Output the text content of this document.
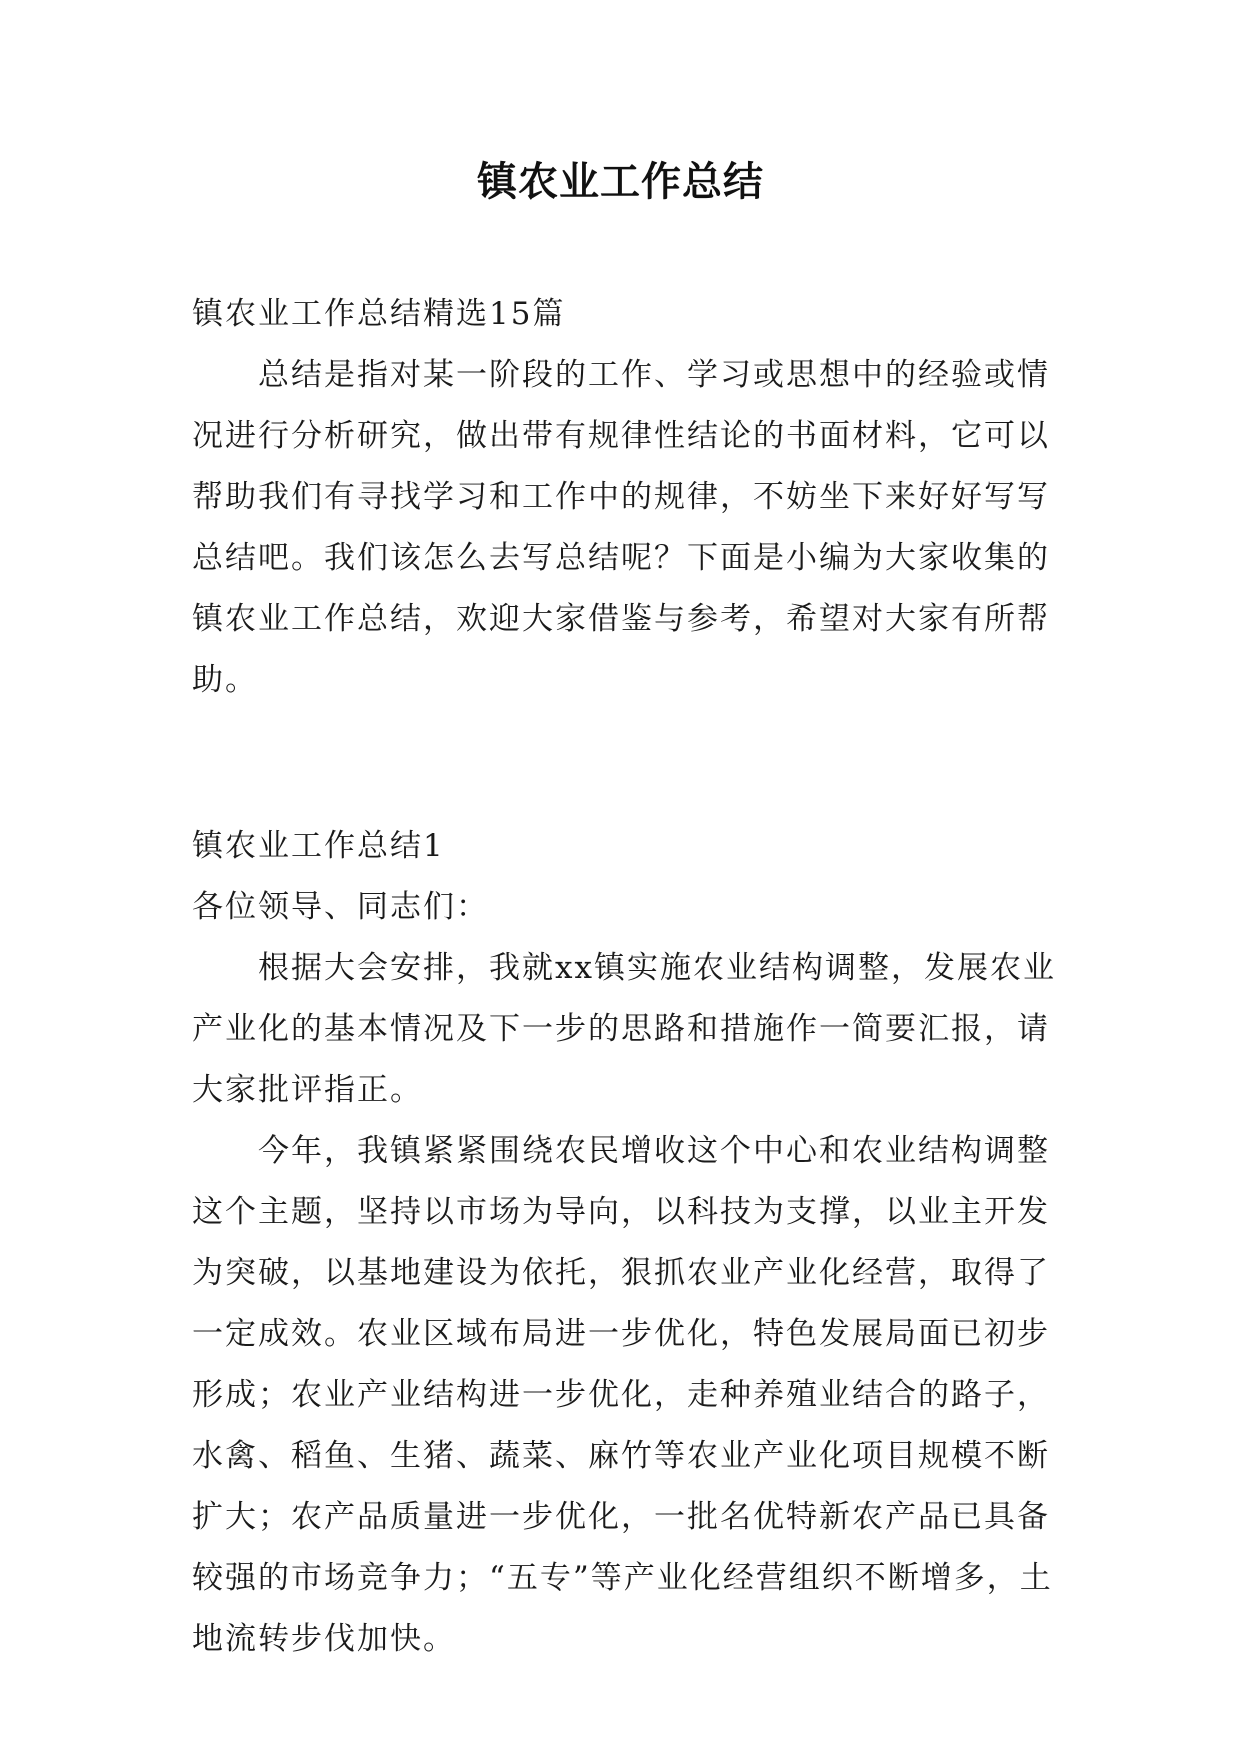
镇农业工作总结

镇农业工作总结精选15篇

总结是指对某一阶段的工作、学习或思想中的经验或情况进行分析研究，做出带有规律性结论的书面材料，它可以帮助我们有寻找学习和工作中的规律，不妨坐下来好好写写总结吧。我们该怎么去写总结呢？下面是小编为大家收集的镇农业工作总结，欢迎大家借鉴与参考，希望对大家有所帮助。

镇农业工作总结1

各位领导、同志们：

根据大会安排，我就xx镇实施农业结构调整，发展农业产业化的基本情况及下一步的思路和措施作一简要汇报，请大家批评指正。

今年，我镇紧紧围绕农民增收这个中心和农业结构调整这个主题，坚持以市场为导向，以科技为支撑，以业主开发为突破，以基地建设为依托，狠抓农业产业化经营，取得了一定成效。农业区域布局进一步优化，特色发展局面已初步形成；农业产业结构进一步优化，走种养殖业结合的路子，水禽、稻鱼、生猪、蔬菜、麻竹等农业产业化项目规模不断扩大；农产品质量进一步优化，一批名优特新农产品已具备较强的市场竞争力；“五专”等产业化经营组织不断增多，土地流转步伐加快。
